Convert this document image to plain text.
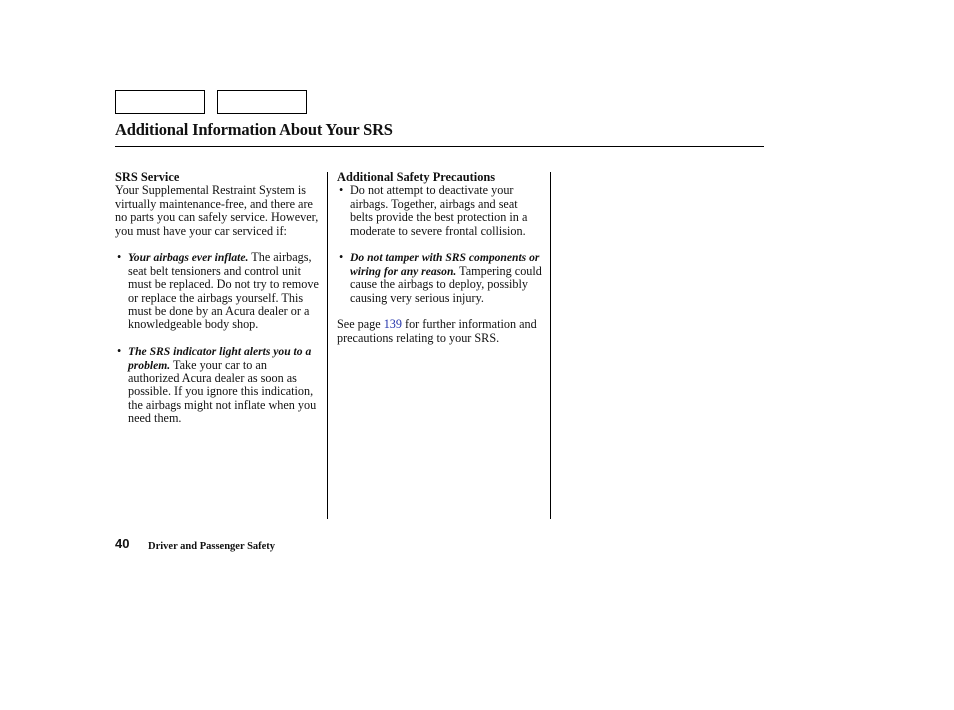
Additional Information About Your SRS
SRS Service

Your Supplemental Restraint System is virtually maintenance-free, and there are no parts you can safely service. However, you must have your car serviced if:

• Your airbags ever inflate. The airbags, seat belt tensioners and control unit must be replaced. Do not try to remove or replace the airbags yourself. This must be done by an Acura dealer or a knowledgeable body shop.
• The SRS indicator light alerts you to a problem. Take your car to an authorized Acura dealer as soon as possible. If you ignore this indication, the airbags might not inflate when you need them.
Additional Safety Precautions
• Do not attempt to deactivate your airbags. Together, airbags and seat belts provide the best protection in a moderate to severe frontal collision.
• Do not tamper with SRS components or wiring for any reason. Tampering could cause the airbags to deploy, possibly causing very serious injury.

See page 139 for further information and precautions relating to your SRS.

40 Driver and Passenger Safety
